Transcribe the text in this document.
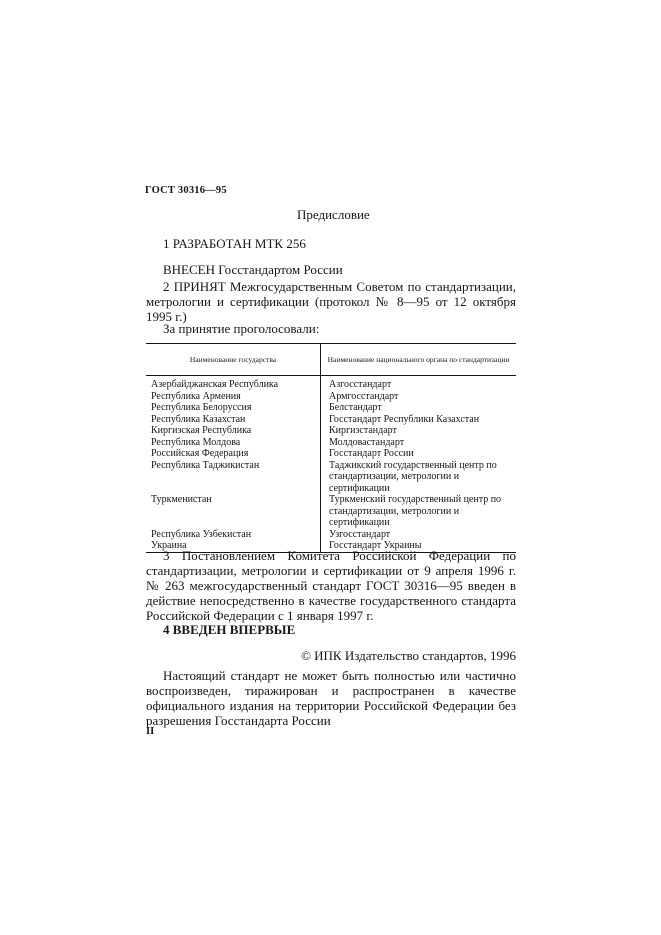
ГОСТ 30316—95
Предисловие
1 РАЗРАБОТАН МТК 256
ВНЕСЕН Госстандартом России
2 ПРИНЯТ Межгосударственным Советом по стандартизации, метрологии и сертификации (протокол № 8—95 от 12 октября 1995 г.)
За принятие проголосовали:
Наименование государства	Наименование национального органа по стандартизации
Азербайджанская Республика	Азгосстандарт
Республика Армения	Армгосстандарт
Республика Белоруссия	Белстандарт
Республика Казахстан	Госстандарт Республики Казахстан
Киргизская Республика	Киргизстандарт
Республика Молдова	Молдовастандарт
Российская Федерация	Госстандарт России
Республика Таджикистан	Таджикский государственный центр по стандартизации, метрологии и сертификации
Туркменистан	Туркменский государственный центр по стандартизации, метрологии и сертификации
Республика Узбекистан	Узгосстандарт
Украина	Госстандарт Украины
3 Постановлением Комитета Российской Федерации по стандартизации, метрологии и сертификации от 9 апреля 1996 г. № 263 межгосударственный стандарт ГОСТ 30316—95 введен в действие непосредственно в качестве государственного стандарта Российской Федерации с 1 января 1997 г.
4 ВВЕДЕН ВПЕРВЫЕ
© ИПК Издательство стандартов, 1996
Настоящий стандарт не может быть полностью или частично воспроизведен, тиражирован и распространен в качестве официального издания на территории Российской Федерации без разрешения Госстандарта России
II
